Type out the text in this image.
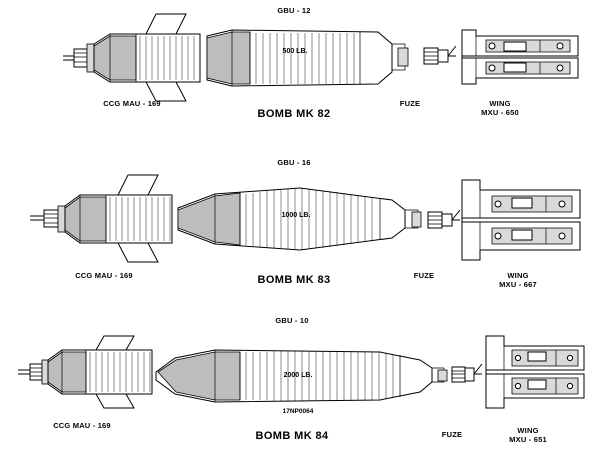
GBU - 12
500 LB.
CCG MAU - 169
BOMB MK 82
FUZE	WING
MXU - 650
GBU - 16
1000 LB.
CCG MAU - 169	BOMB MK 83	FUZE	WING
MXU - 667
GBU - 10
2000 LB.
17NP0064
CCG MAU - 169
BOMB MK 84	FUZE	WING
MXU - 651
